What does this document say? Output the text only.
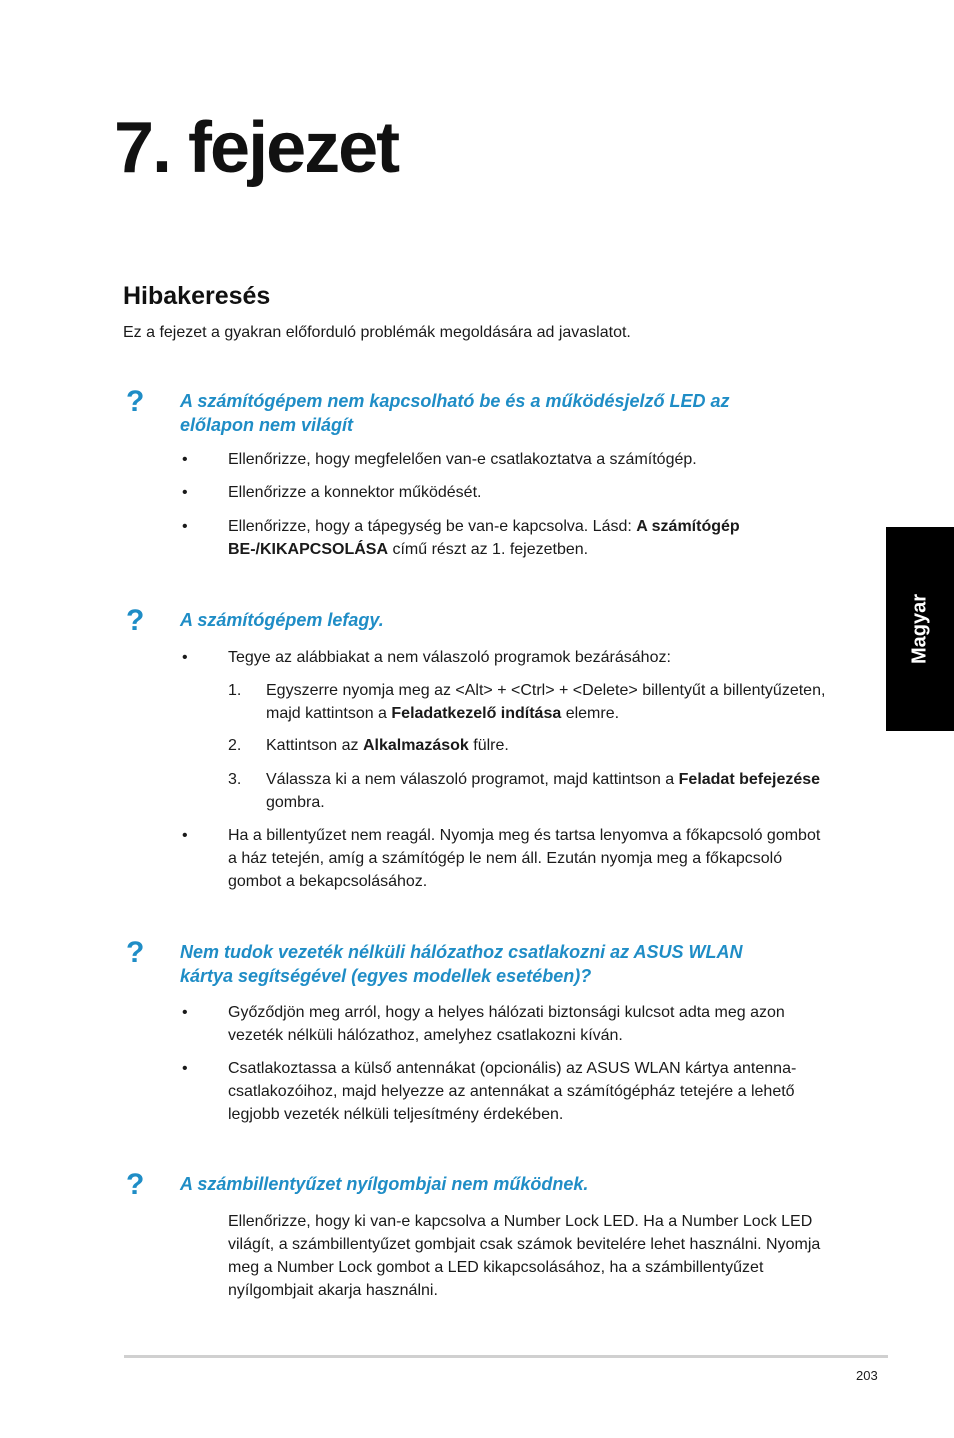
7. fejezet
Hibakeresés

Ez a fejezet a gyakran előforduló problémák megoldására ad javaslatot.

? A számítógépem nem kapcsolható be és a működésjelző LED az
előlapon nem világít

•	Ellenőrizze, hogy megfelelően van-e csatlakoztatva a számítógép.
•	Ellenőrizze a konnektor működését.
•	Ellenőrizze, hogy a tápegység be van-e kapcsolva. Lásd: A számítógép BE-/KIKAPCSOLÁSA című részt az 1. fejezetben.
? A számítógépem lefagy.

•	Tegye az alábbiakat a nem válaszoló programok bezárásához:
1. Egyszerre nyomja meg az <Alt> + <Ctrl> + <Delete> billentyűt a billentyűzeten, majd kattintson a Feladatkezelő indítása elemre.
2. Kattintson az Alkalmazások fülre.
3. Válassza ki a nem válaszoló programot, majd kattintson a Feladat befejezése gombra.
•	Ha a billentyűzet nem reagál. Nyomja meg és tartsa lenyomva a főkapcsoló gombot a ház tetején, amíg a számítógép le nem áll. Ezután nyomja meg a főkapcsoló gombot a bekapcsolásához.
? Nem tudok vezeték nélküli hálózathoz csatlakozni az ASUS WLAN
kártya segítségével (egyes modellek esetében)?

•	Győződjön meg arról, hogy a helyes hálózati biztonsági kulcsot adta meg azon vezeték nélküli hálózathoz, amelyhez csatlakozni kíván.
•	Csatlakoztassa a külső antennákat (opcionális) az ASUS WLAN kártya antenna-csatlakozóihoz, majd helyezze az antennákat a számítógépház tetejére a lehető legjobb vezeték nélküli teljesítmény érdekében.
? A számbillentyűzet nyílgombjai nem működnek.

Ellenőrizze, hogy ki van-e kapcsolva a Number Lock LED. Ha a Number Lock LED világít, a számbillentyűzet gombjait csak számok bevitelére lehet használni. Nyomja meg a Number Lock gombot a LED kikapcsolásához, ha a számbillentyűzet nyílgombjait akarja használni.

Magyar

203
